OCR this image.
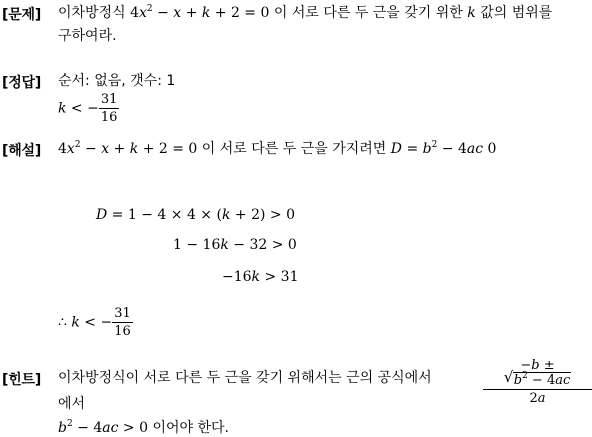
[문제] 이차방정식 $4x^2 - x + k + 2 = 0$ 이 서로 다른 두 근을 갖기 위한 k 값의 범위를
구하여라.
[정답] 순서: 없음, 갯수: 1
k < − $\frac{31}{16}$
[해설] $4x^2 - x + k + 2 = 0$ 이 서로 다른 두 근을 가지려면 $D = b^2 - 4ac$ 0
D = 1 − 4 × 4 × (k + 2) > 0
1 − 16k − 32 > 0
−16k > 31
∴ k < − $\frac{31}{16}$
[힌트] 이차방정식이 서로 다른 두 근을 갖기 위해서는 근의 공식에서	−b ±
√ $b^2 - 4ac$
2a
에서
$b^2 - 4ac > 0$ 이어야 한다.
